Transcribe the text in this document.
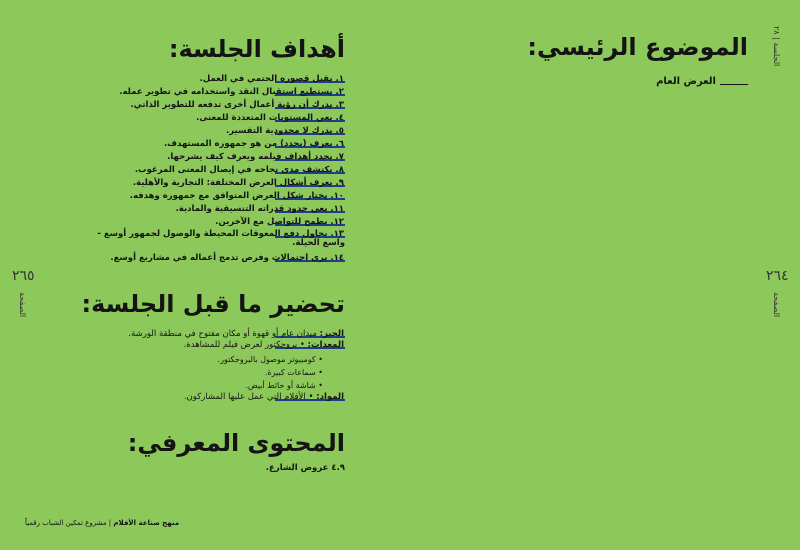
أهداف الجلسة:
١. يقبل قصوره الحتمي في العمل.
٢. يستطيع استقبال النقد واستخدامه في تطوير عمله.
٣. يدرك أن رؤية أعمال أخرى تدفعه للتطوير الذاتي.
٤. يعي المستويات المتعددة للمعنى.
٥. يدرك لا محدودية التفسير.
٦. يعرف (يحدد) من هو جمهوره المستهدف.
٧. يحدد أهداف فيلمه ويعرف كيف يشرحها.
٨. يكتشف مدى نجاحه في إيصال المعنى المرغوب.
٩. يعرف أشكال العرض المختلفة: التجارية والأهلية.
١٠. يختار شكل العرض المتوافق مع جمهوره وهدفه.
١١. يعي حدود قدراته التنسيقية والمادية.
١٢. يطمح للتواصل مع الآخرين.
١٣. يحاول دفع المعوقات المحيطة والوصول لجمهور أوسع -
واسع الحيلة.
١٤. يرى احتمالات وفرص تدمج أعماله في مشاريع أوسع.
تحضير ما قبل الجلسة:
الحيز: ميدان عام أو قهوة أو مكان مفتوح في منطقة الورشة.
المعدات: • بروجكتور لعرض فيلم للمشاهدة.
• كومبيوتر موصول بالبروجكتور.
• سماعات كبيرة.
• شاشة أو حائط أبيض.
المواد: • الأفلام التي عمل عليها المشاركون.
المحتوى المعرفي:
٤.٩ عروض الشارع.
٢٦٥
الصفحة
منهج صناعة الأفلام | مشروع تمكين الشباب رقمياً
الموضوع الرئيسي:
العرض العام
الجلسة | ٢٨
٢٦٤
الصفحة
